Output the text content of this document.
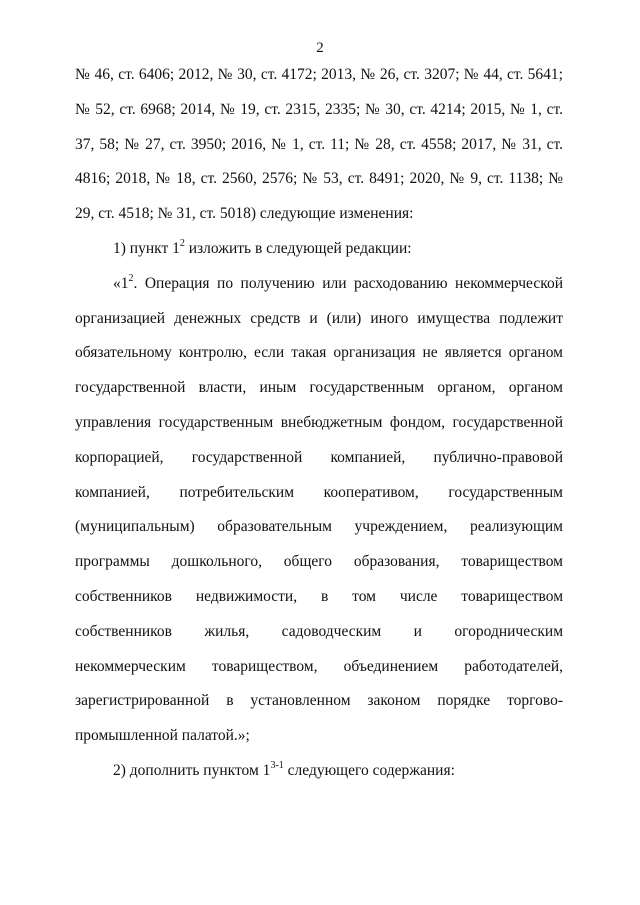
2

№ 46, ст. 6406; 2012, № 30, ст. 4172; 2013, № 26, ст. 3207; № 44, ст. 5641; № 52, ст. 6968; 2014, № 19, ст. 2315, 2335; № 30, ст. 4214; 2015, № 1, ст. 37, 58; № 27, ст. 3950; 2016, № 1, ст. 11; № 28, ст. 4558; 2017, № 31, ст. 4816; 2018, № 18, ст. 2560, 2576; № 53, ст. 8491; 2020, № 9, ст. 1138; № 29, ст. 4518; № 31, ст. 5018) следующие изменения:

1) пункт $1^2$ изложить в следующей редакции:

«$1^2$. Операция по получению или расходованию некоммерческой организацией денежных средств и (или) иного имущества подлежит обязательному контролю, если такая организация не является органом государственной власти, иным государственным органом, органом управления государственным внебюджетным фондом, государственной корпорацией, государственной компанией, публично-правовой компанией, потребительским кооперативом, государственным (муниципальным) образовательным учреждением, реализующим программы дошкольного, общего образования, товариществом собственников недвижимости, в том числе товариществом собственников жилья, садоводческим и огородническим некоммерческим товариществом, объединением работодателей, зарегистрированной в установленном законом порядке торгово-промышленной палатой.»;

2) дополнить пунктом 1$^{3-1}$ следующего содержания:
